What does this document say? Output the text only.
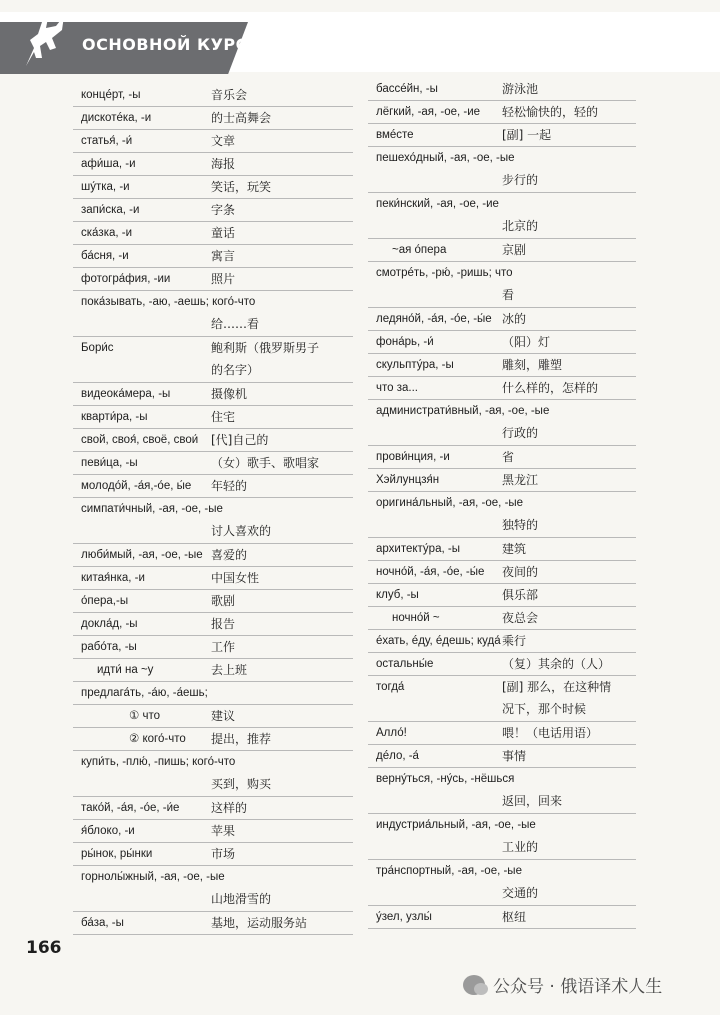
ОСНОВНОЙ КУРС
концéрт, -ы	音乐会
дискотéка, -и	的士高舞会
статья́, -и́	文章
афи́ша, -и	海报
шу́тка, -и	笑话，玩笑
запи́ска, -и	字条
ска́зка, -и	童话
ба́сня, -и	寓言
фотогра́фия, -ии	照片
пока́зывать, -аю, -аешь; кого́-что
给……看
Бори́с	鲍利斯（俄罗斯男子
的名字）
видеока́мера, -ы	摄像机
кварти́ра, -ы	住宅
свой, своя́, своё, свои́ [代]自己的
певи́ца, -ы	（女）歌手、歌唱家
молодо́й, -а́я,-о́е, ы́е 年轻的
симпати́чный, -ая, -ое, -ые
讨人喜欢的
люби́мый, -ая, -ое, -ые 喜爱的
китая́нка, -и	中国女性
о́пера,-ы	歌剧
докла́д, -ы	报告
рабо́та, -ы	工作
идти́ на ~у	去上班
предлага́ть, -а́ю, -а́ешь;
① что	建议
② кого́-что 提出，推荐
купи́ть, -плю́, -пишь; кого́-что
买到，购买
тако́й, -а́я, -о́е, -и́е	这样的
я́блоко, -и	苹果
ры́нок, ры́нки	市场
горнолы́жный, -ая, -ое, -ые
山地滑雪的
ба́за, -ы	基地，运动服务站
бассéйн, -ы	游泳池
лёгкий, -ая, -ое, -ие 轻松愉快的，轻的
вмéсте	[副] 一起
пешехо́дный, -ая, -ое, -ые
步行的
пеки́нский, -ая, -ое, -ие
北京的
~ая о́пера	京剧
смотрéть, -рю́, -ришь; что
看
ледяно́й, -а́я, -о́е, -ы́е 冰的
фона́рь, -и́	（阳）灯
скульпту́ра, -ы	雕刻，雕塑
что за...	什么样的，怎样的
администрати́вный, -ая, -ое, -ые
行政的
прови́нция, -и	省
Хэйлунцзя́н	黑龙江
оригина́льный, -ая, -ое, -ые
独特的
архитекту́ра, -ы	建筑
ночно́й, -а́я, -о́е, -ы́е 夜间的
клуб, -ы	俱乐部
ночно́й ~	夜总会
éхать, éду, éдешь; куда́ 乘行
остальны́е	（复）其余的（人）
тогда́	[副] 那么，在这种情
况下，那个时候
Алло́!	喂！（电话用语）
дéло, -а́	事情
верну́ться, -ну́сь, -нёшься
返回，回来
индустриа́льный, -ая, -ое, -ые
工业的
тра́нспортный, -ая, -ое, -ые
交通的
у́зел, узлы́	枢纽
166
公众号 · 俄语译术人生
